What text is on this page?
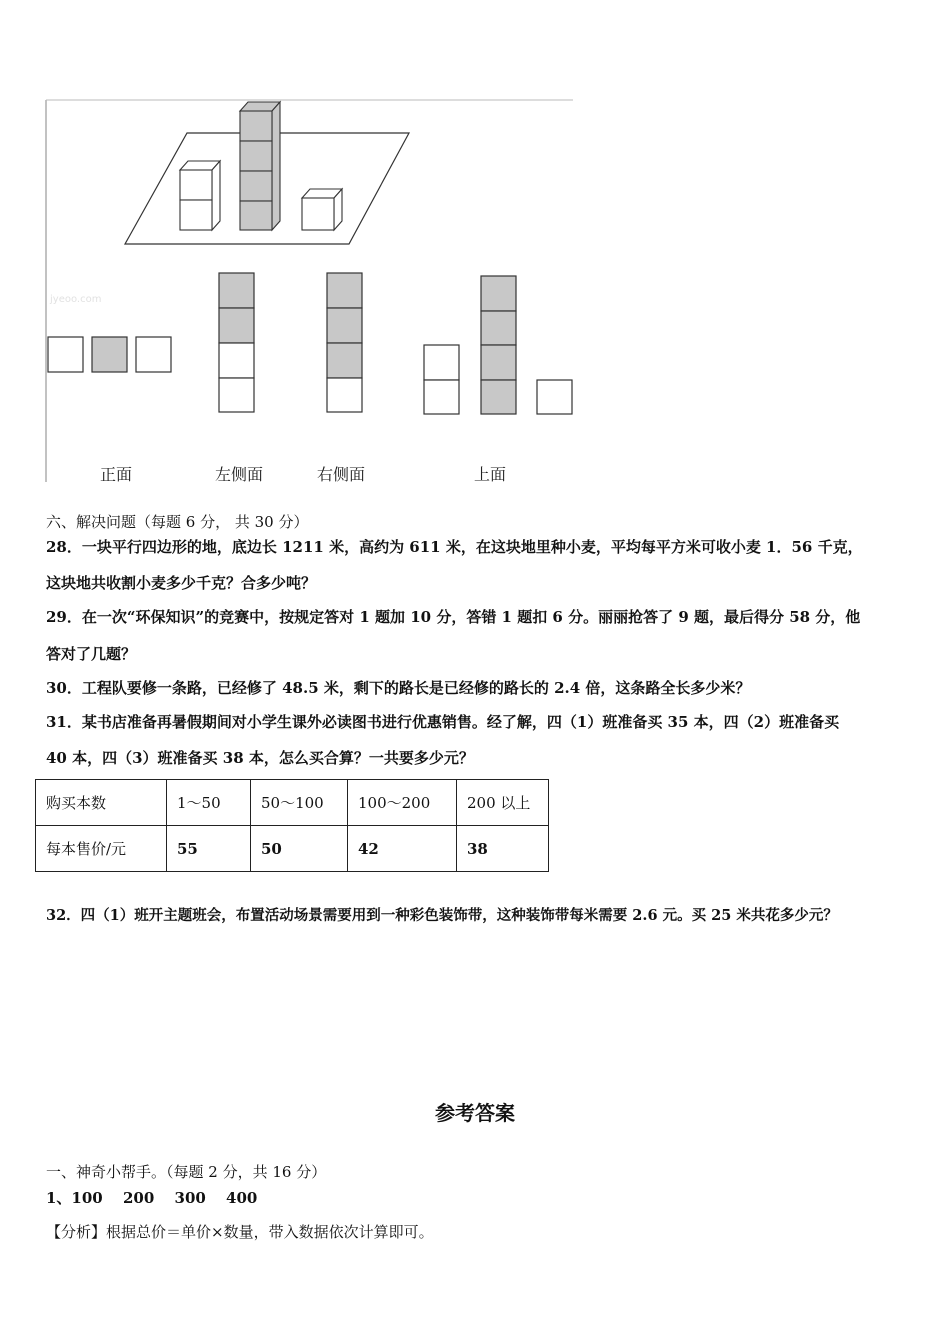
jyeoo.com
正面	左侧面	右侧面	上面
六、解决问题（每题 6 分， 共 30 分）
28．一块平行四边形的地，底边长 1211 米，高约为 611 米，在这块地里种小麦，平均每平方米可收小麦 1．56 千克，
这块地共收割小麦多少千克？合多少吨？
29．在一次“环保知识”的竞赛中，按规定答对 1 题加 10 分，答错 1 题扣 6 分。丽丽抢答了 9 题，最后得分 58 分，他
答对了几题？
30．工程队要修一条路，已经修了 48.5 米，剩下的路长是已经修的路长的 2.4 倍，这条路全长多少米？
31．某书店准备再暑假期间对小学生课外必读图书进行优惠销售。经了解，四（1）班准备买 35 本，四（2）班准备买
40 本，四（3）班准备买 38 本，怎么买合算？一共要多少元？
购买本数	1～50	50～100	100～200	200 以上
每本售价/元	55	50	42	38
32．四（1）班开主题班会，布置活动场景需要用到一种彩色装饰带，这种装饰带每米需要 2.6 元。买 25 米共花多少元？
参考答案
一、神奇小帮手。（每题 2 分，共 16 分）
1、100　 200　 300　 400
【分析】根据总价＝单价×数量，带入数据依次计算即可。
